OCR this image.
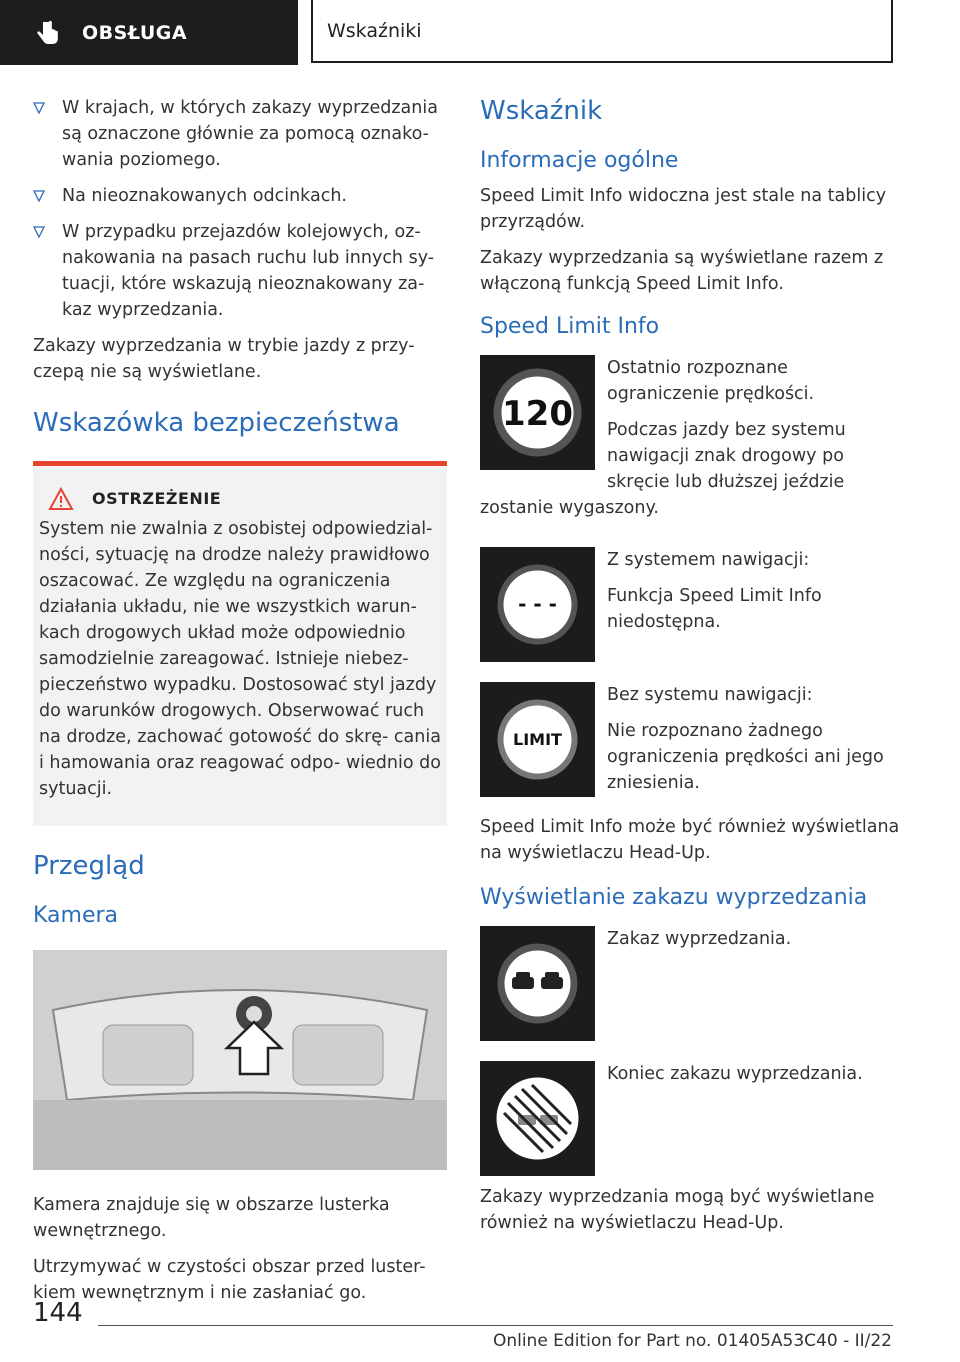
OBSŁUGA	Wskaźniki
W krajach, w których zakazy wyprzedzania są oznaczone głównie za pomocą oznako- wania poziomego.
Na nieoznakowanych odcinkach.
W przypadku przejazdów kolejowych, oz- nakowania na pasach ruchu lub innych sy- tuacji, które wskazują nieoznakowany za- kaz wyprzedzania.

Zakazy wyprzedzania w trybie jazdy z przy- czepą nie są wyświetlane.

Wskazówka bezpieczeństwa
OSTRZEŻENIE

System nie zwalnia z osobistej odpowiedzial- ności, sytuację na drodze należy prawidłowo oszacować. Ze względu na ograniczenia działania układu, nie we wszystkich warun- kach drogowych układ może odpowiednio samodzielnie zareagować. Istnieje niebez- pieczeństwo wypadku. Dostosować styl jazdy do warunków drogowych. Obserwować ruch na drodze, zachować gotowość do skrę- cania i hamowania oraz reagować odpo- wiednio do sytuacji.

Przegląd
Kamera

Kamera znajduje się w obszarze lusterka wewnętrznego.

Utrzymywać w czystości obszar przed luster- kiem wewnętrznym i nie zasłaniać go.

Wskaźnik
Informacje ogólne

Speed Limit Info widoczna jest stale na tablicy przyrządów.

Zakazy wyprzedzania są wyświetlane razem z włączoną funkcją Speed Limit Info.

Speed Limit Info
120

Ostatnio rozpoznane ograniczenie prędkości.

Podczas jazdy bez systemu nawigacji znak drogowy po skręcie lub dłuższej jeździe zostanie wygaszony.

- - -

Z systemem nawigacji:

Funkcja Speed Limit Info niedostępna.

LIMIT

Bez systemu nawigacji:

Nie rozpoznano żadnego ograniczenia prędkości ani jego zniesienia.

Speed Limit Info może być również wyświetlana na wyświetlaczu Head-Up.

Wyświetlanie zakazu wyprzedzania

Zakaz wyprzedzania.

Koniec zakazu wyprzedzania.

Zakazy wyprzedzania mogą być wyświetlane również na wyświetlaczu Head-Up.

144
Online Edition for Part no. 01405A53C40 - II/22
